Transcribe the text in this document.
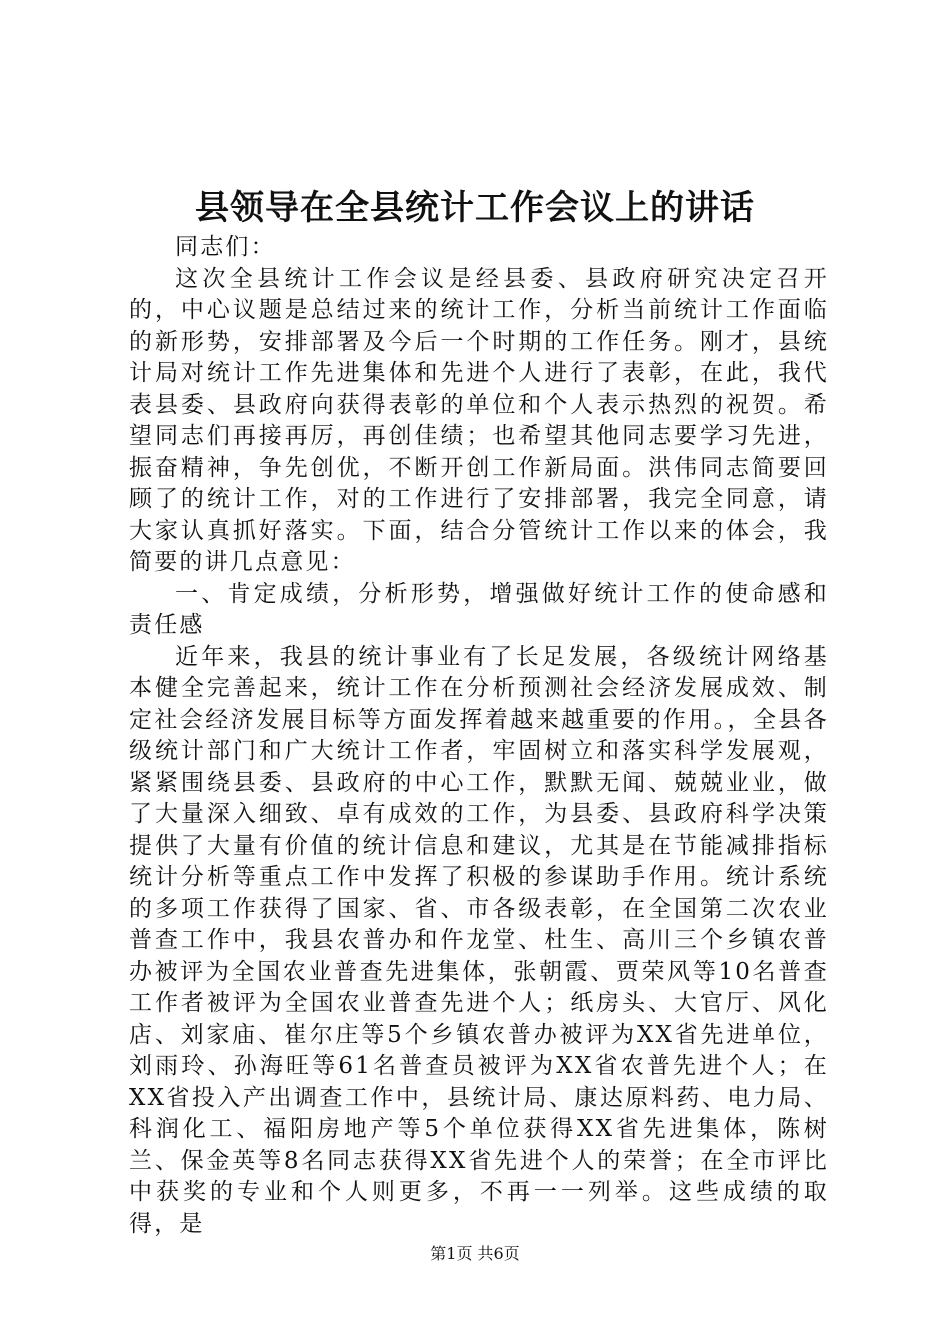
县领导在全县统计工作会议上的讲话

同志们：

这次全县统计工作会议是经县委、县政府研究决定召开的，中心议题是总结过来的统计工作，分析当前统计工作面临的新形势，安排部署及今后一个时期的工作任务。刚才，县统计局对统计工作先进集体和先进个人进行了表彰，在此，我代表县委、县政府向获得表彰的单位和个人表示热烈的祝贺。希望同志们再接再厉，再创佳绩；也希望其他同志要学习先进，振奋精神，争先创优，不断开创工作新局面。洪伟同志简要回顾了的统计工作，对的工作进行了安排部署，我完全同意，请大家认真抓好落实。下面，结合分管统计工作以来的体会，我简要的讲几点意见：

一、肯定成绩，分析形势，增强做好统计工作的使命感和责任感

近年来，我县的统计事业有了长足发展，各级统计网络基本健全完善起来，统计工作在分析预测社会经济发展成效、制定社会经济发展目标等方面发挥着越来越重要的作用。，全县各级统计部门和广大统计工作者，牢固树立和落实科学发展观，紧紧围绕县委、县政府的中心工作，默默无闻、兢兢业业，做了大量深入细致、卓有成效的工作，为县委、县政府科学决策提供了大量有价值的统计信息和建议，尤其是在节能减排指标统计分析等重点工作中发挥了积极的参谋助手作用。统计系统的多项工作获得了国家、省、市各级表彰，在全国第二次农业普查工作中，我县农普办和仵龙堂、杜生、高川三个乡镇农普办被评为全国农业普查先进集体，张朝霞、贾荣风等10名普查工作者被评为全国农业普查先进个人；纸房头、大官厅、风化店、刘家庙、崔尔庄等5个乡镇农普办被评为XX省先进单位，刘雨玲、孙海旺等61名普查员被评为XX省农普先进个人；在XX省投入产出调查工作中，县统计局、康达原料药、电力局、科润化工、福阳房地产等5个单位获得XX省先进集体，陈树兰、保金英等8名同志获得XX省先进个人的荣誉；在全市评比中获奖的专业和个人则更多，不再一一列举。这些成绩的取得，是

第1页 共6页
